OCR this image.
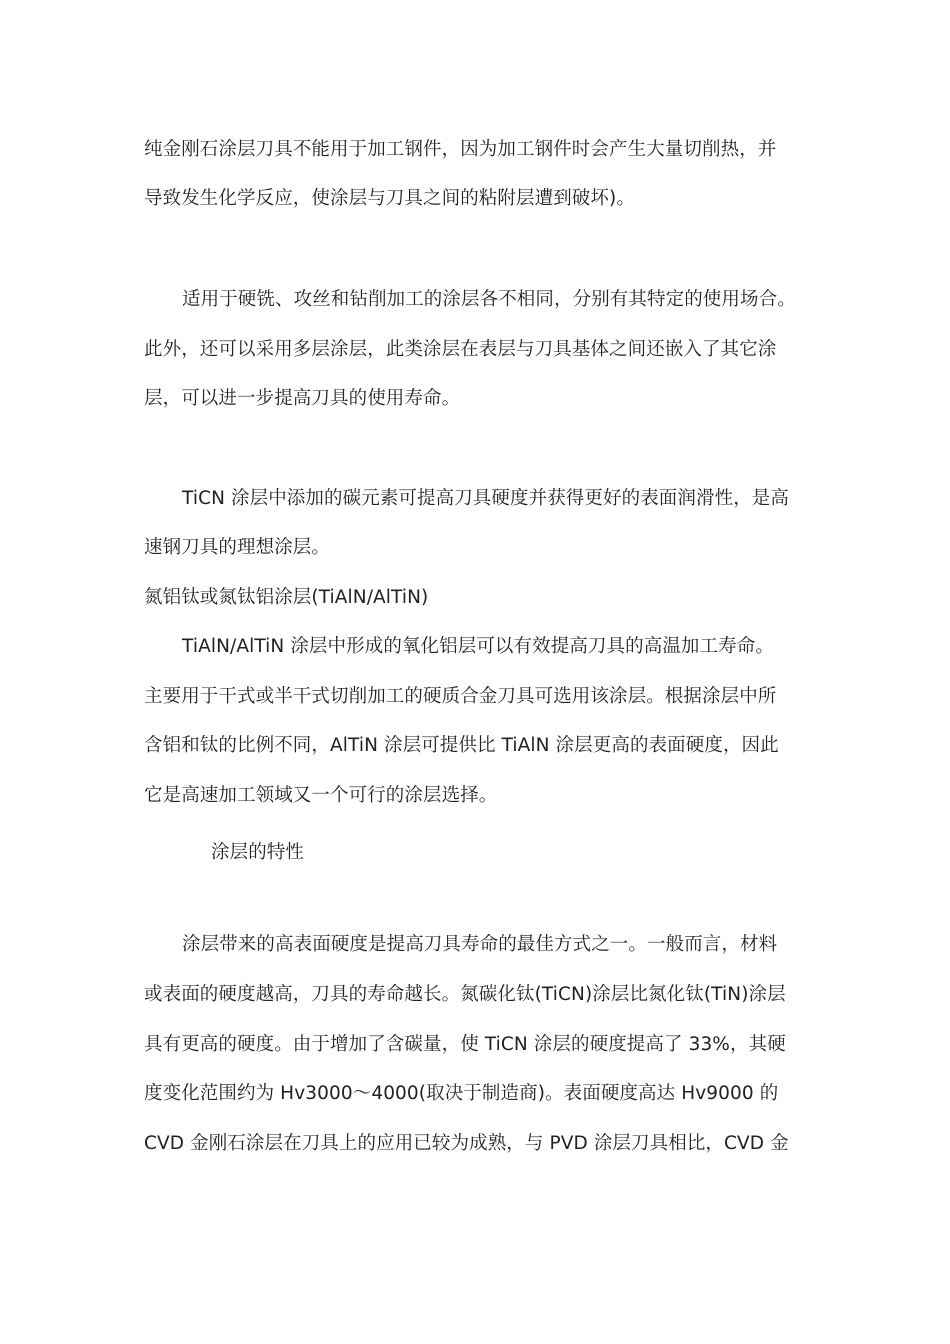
纯金刚石涂层刀具不能用于加工钢件，因为加工钢件时会产生大量切削热，并
导致发生化学反应，使涂层与刀具之间的粘附层遭到破坏)。
适用于硬铣、攻丝和钻削加工的涂层各不相同，分别有其特定的使用场合。
此外，还可以采用多层涂层，此类涂层在表层与刀具基体之间还嵌入了其它涂
层，可以进一步提高刀具的使用寿命。
TiCN 涂层中添加的碳元素可提高刀具硬度并获得更好的表面润滑性，是高
速钢刀具的理想涂层。
氮铝钛或氮钛铝涂层(TiAlN/AlTiN)
TiAlN/AlTiN 涂层中形成的氧化铝层可以有效提高刀具的高温加工寿命。
主要用于干式或半干式切削加工的硬质合金刀具可选用该涂层。根据涂层中所
含铝和钛的比例不同，AlTiN 涂层可提供比 TiAlN 涂层更高的表面硬度，因此
它是高速加工领域又一个可行的涂层选择。
涂层的特性
涂层带来的高表面硬度是提高刀具寿命的最佳方式之一。一般而言，材料
或表面的硬度越高，刀具的寿命越长。氮碳化钛(TiCN)涂层比氮化钛(TiN)涂层
具有更高的硬度。由于增加了含碳量，使 TiCN 涂层的硬度提高了 33%，其硬
度变化范围约为 Hv3000～4000(取决于制造商)。表面硬度高达 Hv9000 的
CVD 金刚石涂层在刀具上的应用已较为成熟，与 PVD 涂层刀具相比，CVD 金
